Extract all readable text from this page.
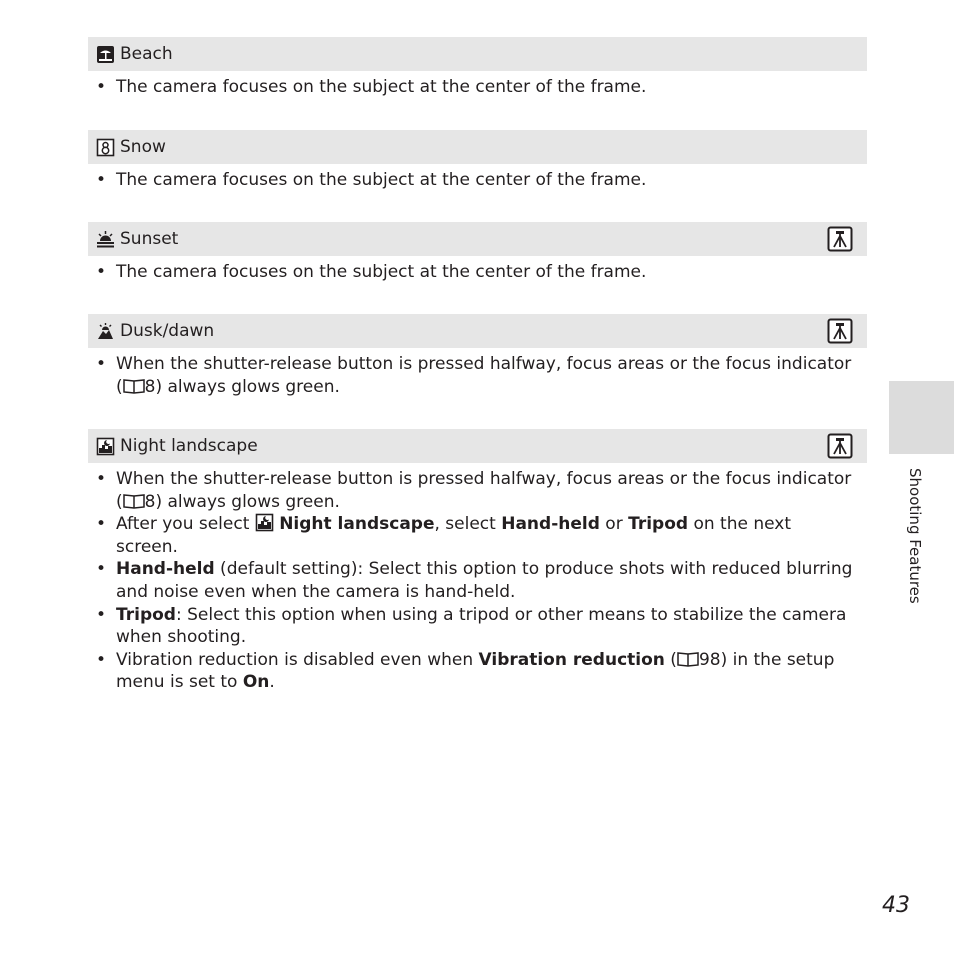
Beach
• The camera focuses on the subject at the center of the frame.
Snow
• The camera focuses on the subject at the center of the frame.
Sunset
• The camera focuses on the subject at the center of the frame.
Dusk/dawn
• When the shutter-release button is pressed halfway, focus areas or the focus indicator ( 8) always glows green.
Night landscape
• When the shutter-release button is pressed halfway, focus areas or the focus indicator ( 8) always glows green.
• After you select
Night landscape, select Hand-held or Tripod on the next screen.
• Hand-held (default setting): Select this option to produce shots with reduced blurring and noise even when the camera is hand-held.
• Tripod: Select this option when using a tripod or other means to stabilize the camera when shooting.
• Vibration reduction is disabled even when Vibration reduction ( 98) in the setup menu is set to On.
Shooting Features
43
